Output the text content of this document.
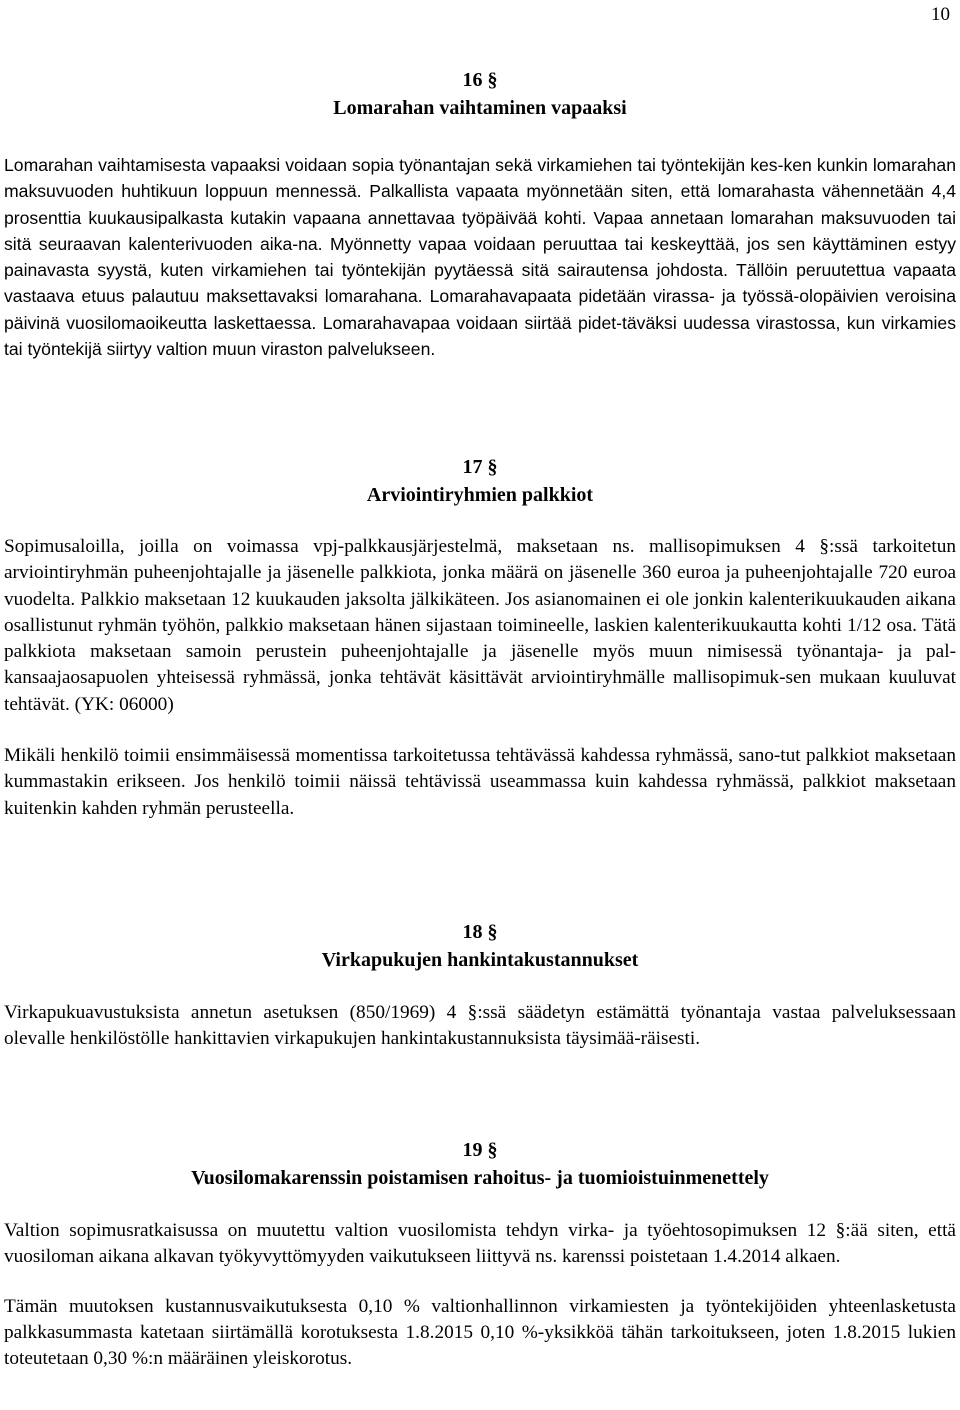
10
16 §
Lomarahan vaihtaminen vapaaksi

Lomarahan vaihtamisesta vapaaksi voidaan sopia työnantajan sekä virkamiehen tai työntekijän kes-ken kunkin lomarahan maksuvuoden huhtikuun loppuun mennessä. Palkallista vapaata myönnetään siten, että lomarahasta vähennetään 4,4 prosenttia kuukausipalkasta kutakin vapaana annettavaa työpäivää kohti. Vapaa annetaan lomarahan maksuvuoden tai sitä seuraavan kalenterivuoden aika-na. Myönnetty vapaa voidaan peruuttaa tai keskeyttää, jos sen käyttäminen estyy painavasta syystä, kuten virkamiehen tai työntekijän pyytäessä sitä sairautensa johdosta. Tällöin peruutettua vapaata vastaava etuus palautuu maksettavaksi lomarahana. Lomarahavapaata pidetään virassa- ja työssä-olopäivien veroisina päivinä vuosilomaoikeutta laskettaessa. Lomarahavapaa voidaan siirtää pidet-täväksi uudessa virastossa, kun virkamies tai työntekijä siirtyy valtion muun viraston palvelukseen.

17 §
Arviointiryhmien palkkiot

Sopimusaloilla, joilla on voimassa vpj-palkkausjärjestelmä, maksetaan ns. mallisopimuksen 4 §:ssä tarkoitetun arviointiryhmän puheenjohtajalle ja jäsenelle palkkiota, jonka määrä on jäsenelle 360 euroa ja puheenjohtajalle 720 euroa vuodelta. Palkkio maksetaan 12 kuukauden jaksolta jälkikäteen. Jos asianomainen ei ole jonkin kalenterikuukauden aikana osallistunut ryhmän työhön, palkkio maksetaan hänen sijastaan toimineelle, laskien kalenterikuukautta kohti 1/12 osa. Tätä palkkiota maksetaan samoin perustein puheenjohtajalle ja jäsenelle myös muun nimisessä työnantaja- ja pal-kansaajaosapuolen yhteisessä ryhmässä, jonka tehtävät käsittävät arviointiryhmälle mallisopimuk-sen mukaan kuuluvat tehtävät. (YK: 06000)

Mikäli henkilö toimii ensimmäisessä momentissa tarkoitetussa tehtävässä kahdessa ryhmässä, sano-tut palkkiot maksetaan kummastakin erikseen. Jos henkilö toimii näissä tehtävissä useammassa kuin kahdessa ryhmässä, palkkiot maksetaan kuitenkin kahden ryhmän perusteella.

18 §
Virkapukujen hankintakustannukset

Virkapukuavustuksista annetun asetuksen (850/1969) 4 §:ssä säädetyn estämättä työnantaja vastaa palveluksessaan olevalle henkilöstölle hankittavien virkapukujen hankintakustannuksista täysimää-räisesti.

19 §
Vuosilomakarenssin poistamisen rahoitus- ja tuomioistuinmenettely

Valtion sopimusratkaisussa on muutettu valtion vuosilomista tehdyn virka- ja työehtosopimuksen 12 §:ää siten, että vuosiloman aikana alkavan työkyvyttömyyden vaikutukseen liittyvä ns. karenssi poistetaan 1.4.2014 alkaen.

Tämän muutoksen kustannusvaikutuksesta 0,10 % valtionhallinnon virkamiesten ja työntekijöiden yhteenlasketusta palkkasummasta katetaan siirtämällä korotuksesta 1.8.2015 0,10 %-yksikköä tähän tarkoitukseen, joten 1.8.2015 lukien toteutetaan 0,30 %:n määräinen yleiskorotus.
